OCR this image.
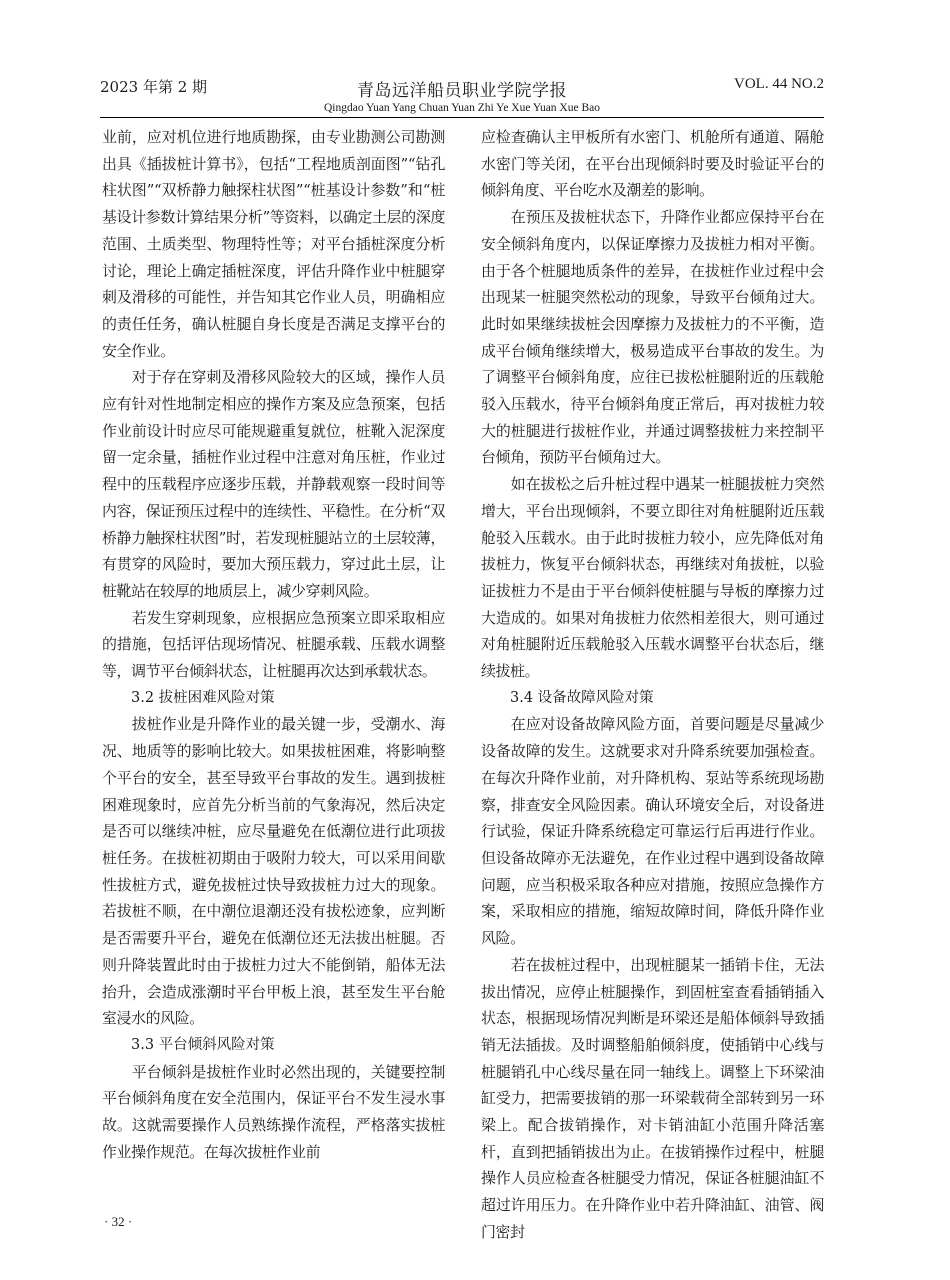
2023 年第 2 期	青岛远洋船员职业学院学报
Qingdao Yuan Yang Chuan Yuan Zhi Ye Xue Yuan Xue Bao
VOL. 44 NO.2

业前，应对机位进行地质勘探，由专业勘测公司勘测出具《插拔桩计算书》，包括“工程地质剖面图”“钻孔柱状图”“双桥静力触探柱状图”“桩基设计参数”和“桩基设计参数计算结果分析”等资料，以确定土层的深度范围、土质类型、物理特性等；对平台插桩深度分析讨论，理论上确定插桩深度，评估升降作业中桩腿穿刺及滑移的可能性，并告知其它作业人员，明确相应的责任任务，确认桩腿自身长度是否满足支撑平台的安全作业。

对于存在穿刺及滑移风险较大的区域，操作人员应有针对性地制定相应的操作方案及应急预案，包括作业前设计时应尽可能规避重复就位，桩靴入泥深度留一定余量，插桩作业过程中注意对角压桩，作业过程中的压载程序应逐步压载，并静载观察一段时间等内容，保证预压过程中的连续性、平稳性。在分析“双桥静力触探柱状图”时，若发现桩腿站立的土层较薄，有贯穿的风险时，要加大预压载力，穿过此土层，让桩靴站在较厚的地质层上，减少穿刺风险。

若发生穿刺现象，应根据应急预案立即采取相应的措施，包括评估现场情况、桩腿承载、压载水调整等，调节平台倾斜状态，让桩腿再次达到承载状态。

3.2 拔桩困难风险对策

拔桩作业是升降作业的最关键一步，受潮水、海况、地质等的影响比较大。如果拔桩困难，将影响整个平台的安全，甚至导致平台事故的发生。遇到拔桩困难现象时，应首先分析当前的气象海况，然后决定是否可以继续冲桩，应尽量避免在低潮位进行此项拔桩任务。在拔桩初期由于吸附力较大，可以采用间歇性拔桩方式，避免拔桩过快导致拔桩力过大的现象。若拔桩不顺，在中潮位退潮还没有拔松迹象，应判断是否需要升平台，避免在低潮位还无法拔出桩腿。否则升降装置此时由于拔桩力过大不能倒销，船体无法抬升，会造成涨潮时平台甲板上浪，甚至发生平台舱室浸水的风险。

3.3 平台倾斜风险对策

平台倾斜是拔桩作业时必然出现的，关键要控制平台倾斜角度在安全范围内，保证平台不发生浸水事故。这就需要操作人员熟练操作流程，严格落实拔桩作业操作规范。在每次拔桩作业前

应检查确认主甲板所有水密门、机舱所有通道、隔舱水密门等关闭，在平台出现倾斜时要及时验证平台的倾斜角度、平台吃水及潮差的影响。

在预压及拔桩状态下，升降作业都应保持平台在安全倾斜角度内，以保证摩擦力及拔桩力相对平衡。由于各个桩腿地质条件的差异，在拔桩作业过程中会出现某一桩腿突然松动的现象，导致平台倾角过大。此时如果继续拔桩会因摩擦力及拔桩力的不平衡，造成平台倾角继续增大，极易造成平台事故的发生。为了调整平台倾斜角度，应往已拔松桩腿附近的压载舱驳入压载水，待平台倾斜角度正常后，再对拔桩力较大的桩腿进行拔桩作业，并通过调整拔桩力来控制平台倾角，预防平台倾角过大。

如在拔松之后升桩过程中遇某一桩腿拔桩力突然增大，平台出现倾斜，不要立即往对角桩腿附近压载舱驳入压载水。由于此时拔桩力较小，应先降低对角拔桩力，恢复平台倾斜状态，再继续对角拔桩，以验证拔桩力不是由于平台倾斜使桩腿与导板的摩擦力过大造成的。如果对角拔桩力依然相差很大，则可通过对角桩腿附近压载舱驳入压载水调整平台状态后，继续拔桩。

3.4 设备故障风险对策

在应对设备故障风险方面，首要问题是尽量减少设备故障的发生。这就要求对升降系统要加强检查。在每次升降作业前，对升降机构、泵站等系统现场勘察，排查安全风险因素。确认环境安全后，对设备进行试验，保证升降系统稳定可靠运行后再进行作业。但设备故障亦无法避免，在作业过程中遇到设备故障问题，应当积极采取各种应对措施，按照应急操作方案，采取相应的措施，缩短故障时间，降低升降作业风险。

若在拔桩过程中，出现桩腿某一插销卡住，无法拔出情况，应停止桩腿操作，到固桩室查看插销插入状态，根据现场情况判断是环梁还是船体倾斜导致插销无法插拔。及时调整船舶倾斜度，使插销中心线与桩腿销孔中心线尽量在同一轴线上。调整上下环梁油缸受力，把需要拔销的那一环梁载荷全部转到另一环梁上。配合拔销操作，对卡销油缸小范围升降活塞杆，直到把插销拔出为止。在拔销操作过程中，桩腿操作人员应检查各桩腿受力情况，保证各桩腿油缸不超过许用压力。在升降作业中若升降油缸、油管、阀门密封

· 32 ·
